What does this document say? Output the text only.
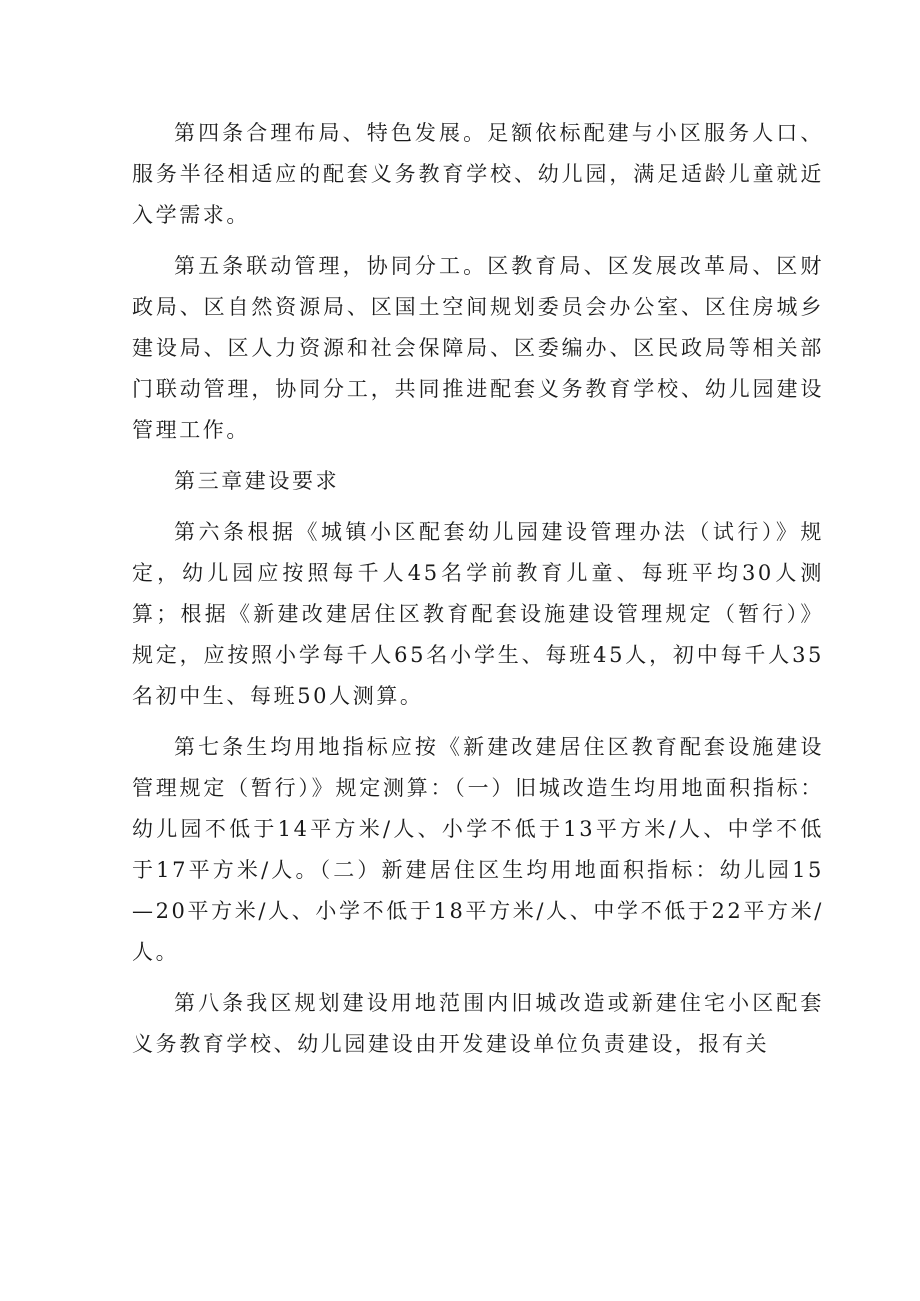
第四条合理布局、特色发展。足额依标配建与小区服务人口、服务半径相适应的配套义务教育学校、幼儿园，满足适龄儿童就近入学需求。

第五条联动管理，协同分工。区教育局、区发展改革局、区财政局、区自然资源局、区国土空间规划委员会办公室、区住房城乡建设局、区人力资源和社会保障局、区委编办、区民政局等相关部门联动管理，协同分工，共同推进配套义务教育学校、幼儿园建设管理工作。

第三章建设要求

第六条根据《城镇小区配套幼儿园建设管理办法（试行）》规定，幼儿园应按照每千人45名学前教育儿童、每班平均30人测算；根据《新建改建居住区教育配套设施建设管理规定（暂行）》规定，应按照小学每千人65名小学生、每班45人，初中每千人35名初中生、每班50人测算。

第七条生均用地指标应按《新建改建居住区教育配套设施建设管理规定（暂行）》规定测算：（一）旧城改造生均用地面积指标：幼儿园不低于14平方米/人、小学不低于13平方米/人、中学不低于17平方米/人。（二）新建居住区生均用地面积指标：幼儿园15—20平方米/人、小学不低于18平方米/人、中学不低于22平方米/人。

第八条我区规划建设用地范围内旧城改造或新建住宅小区配套义务教育学校、幼儿园建设由开发建设单位负责建设，报有关
